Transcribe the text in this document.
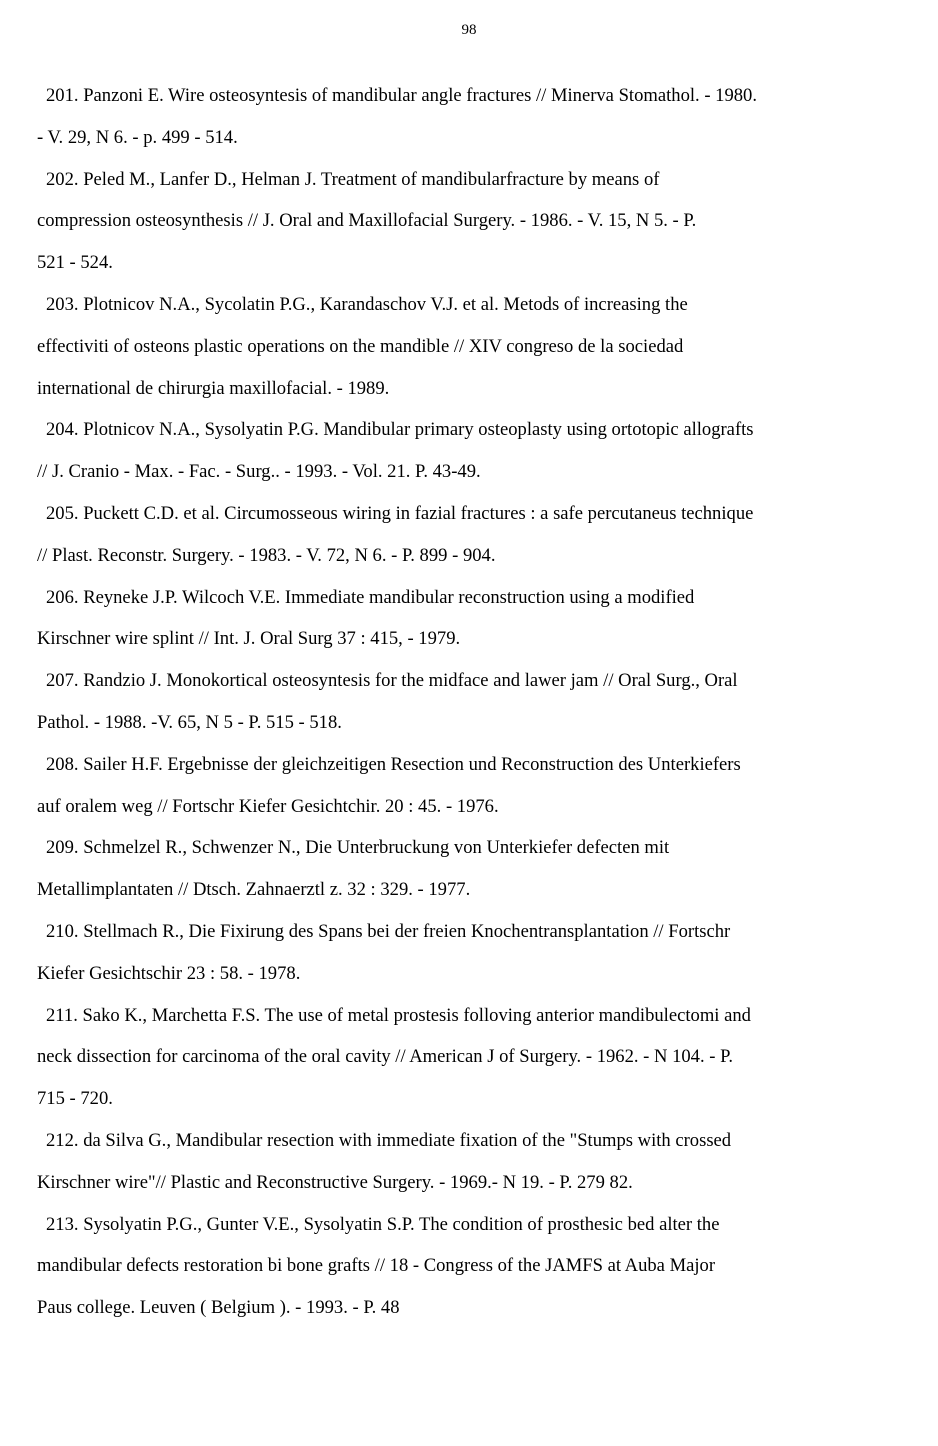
98
201. Panzoni E. Wire osteosyntesis of mandibular angle fractures // Minerva Stomathol. - 1980.
- V. 29, N 6. - p. 499 - 514.
202. Peled M., Lanfer D., Helman J. Treatment of mandibularfracture by means of
compression osteosynthesis // J. Oral and Maxillofacial Surgery. - 1986. - V. 15, N 5. - P.
521 - 524.
203. Plotnicov N.A., Sycolatin P.G., Karandaschov V.J. et al. Metods of increasing the
effectiviti of osteons plastic operations on the mandible // XIV congreso de la sociedad
international de chirurgia maxillofacial. - 1989.
204. Plotnicov N.A., Sysolyatin P.G. Mandibular primary osteoplasty using ortotopic allografts
// J. Cranio - Max. - Fac. - Surg.. - 1993. - Vol. 21. P. 43-49.
205. Puckett C.D. et al. Circumosseous wiring in fazial fractures : a safe percutaneus technique
// Plast. Reconstr. Surgery. - 1983. - V. 72, N 6. - P. 899 - 904.
206. Reyneke J.P. Wilcoch V.E. Immediate mandibular reconstruction using a modified
Kirschner wire splint // Int. J. Oral Surg 37 : 415, - 1979.
207. Randzio J. Monokortical osteosyntesis for the midface and lawer jam // Oral Surg., Oral
Pathol. - 1988. -V. 65, N 5 - P. 515 - 518.
208. Sailer H.F. Ergebnisse der gleichzeitigen Resection und Reconstruction des Unterkiefers
auf oralem weg // Fortschr Kiefer Gesichtchir. 20 : 45. - 1976.
209. Schmelzel R., Schwenzer N., Die Unterbruckung von Unterkiefer defecten mit
Metallimplantaten // Dtsch. Zahnaerztl z. 32 : 329. - 1977.
210. Stellmach R., Die Fixirung des Spans bei der freien Knochentransplantation // Fortschr
Kiefer Gesichtschir 23 : 58. - 1978.
211. Sako K., Marchetta F.S. The use of metal prostesis folloving anterior mandibulectomi and
neck dissection for carcinoma of the oral cavity // American J of Surgery. - 1962. - N 104. - P.
715 - 720.
212. da Silva G., Mandibular resection with immediate fixation of the "Stumps with crossed
Kirschner wire"// Plastic and Reconstructive Surgery. - 1969.- N 19. - P. 279 82.
213. Sysolyatin P.G., Gunter V.E., Sysolyatin S.P. The condition of prosthesic bed alter the
mandibular defects restoration bi bone grafts // 18 - Congress of the JAMFS at Auba Major
Paus college. Leuven ( Belgium ). - 1993. - P. 48
